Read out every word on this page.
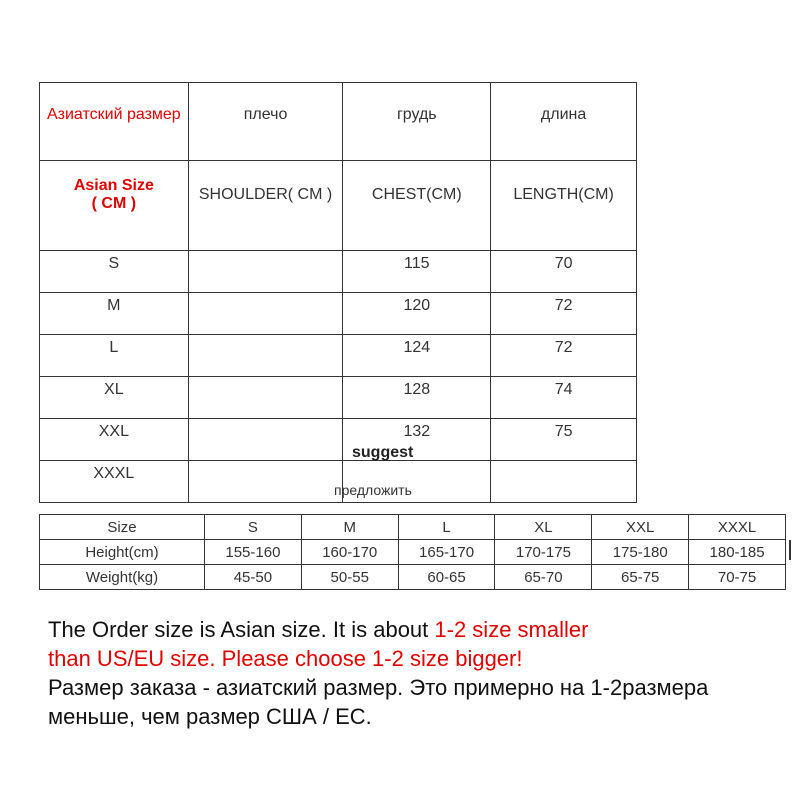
Азиатский размер	плечо	грудь	длина

Asian Size
( CM )	SHOULDER( CM )	CHEST(CM)	LENGTH(CM)
S		115	70
M		120	72
L		124	72
XL		128	74
XXL		132	75
XXXL			
suggest
предложить
Size	S	M	L	XL	XXL	XXXL
Height(cm)	155-160	160-170	165-170	170-175	175-180	180-185
Weight(kg)	45-50	50-55	60-65	65-70	65-75	70-75

The Order size is Asian size. It is about 1-2 size smaller

than US/EU size. Please choose 1-2 size bigger!

Размер заказа - азиатский размер. Это примерно на 1-2размера

меньше, чем размер США / ЕС.
